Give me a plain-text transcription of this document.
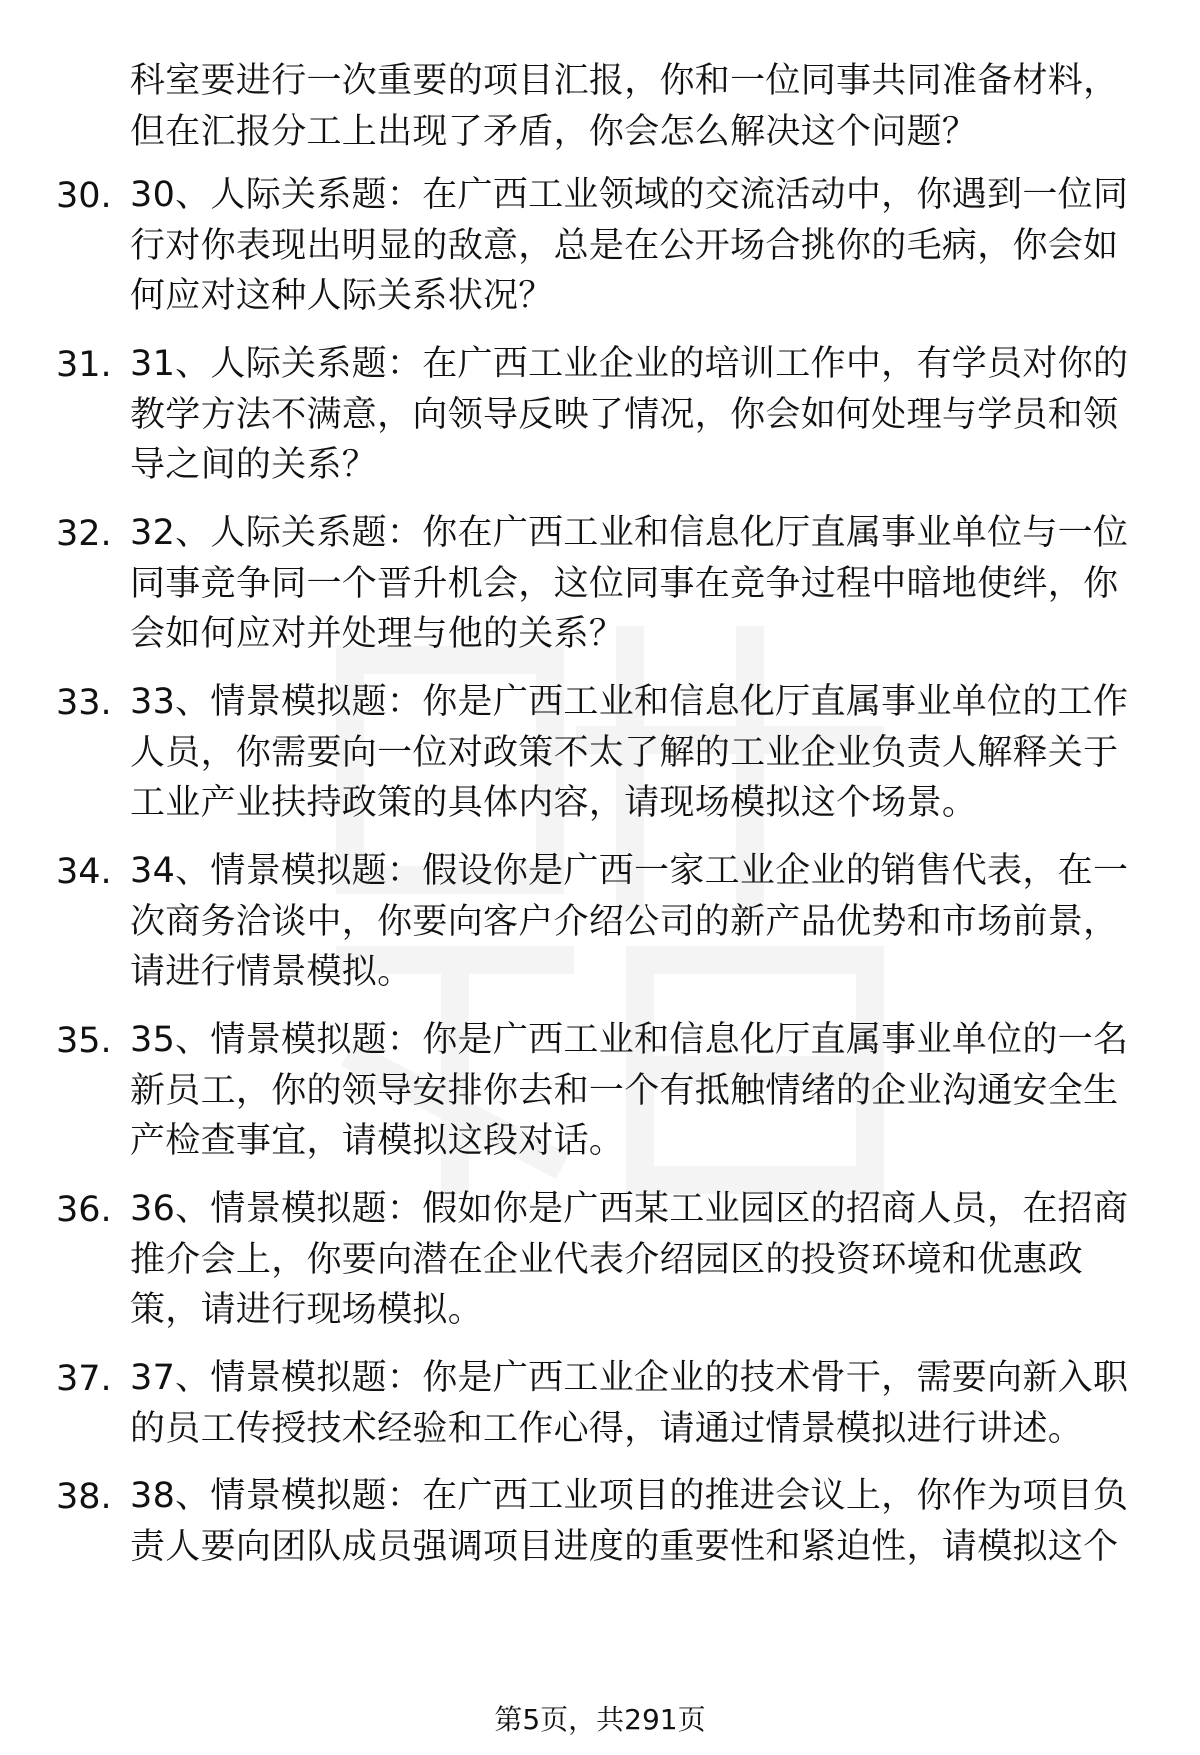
科室要进行一次重要的项目汇报，你和一位同事共同准备材料，但在汇报分工上出现了矛盾，你会怎么解决这个问题？
30. 30、人际关系题：在广西工业领域的交流活动中，你遇到一位同行对你表现出明显的敌意，总是在公开场合挑你的毛病，你会如何应对这种人际关系状况？
31. 31、人际关系题：在广西工业企业的培训工作中，有学员对你的教学方法不满意，向领导反映了情况，你会如何处理与学员和领导之间的关系？
32. 32、人际关系题：你在广西工业和信息化厅直属事业单位与一位同事竞争同一个晋升机会，这位同事在竞争过程中暗地使绊，你会如何应对并处理与他的关系？
33. 33、情景模拟题：你是广西工业和信息化厅直属事业单位的工作人员，你需要向一位对政策不太了解的工业企业负责人解释关于工业产业扶持政策的具体内容，请现场模拟这个场景。
34. 34、情景模拟题：假设你是广西一家工业企业的销售代表，在一次商务洽谈中，你要向客户介绍公司的新产品优势和市场前景，请进行情景模拟。
35. 35、情景模拟题：你是广西工业和信息化厅直属事业单位的一名新员工，你的领导安排你去和一个有抵触情绪的企业沟通安全生产检查事宜，请模拟这段对话。
36. 36、情景模拟题：假如你是广西某工业园区的招商人员，在招商推介会上，你要向潜在企业代表介绍园区的投资环境和优惠政策，请进行现场模拟。
37. 37、情景模拟题：你是广西工业企业的技术骨干，需要向新入职的员工传授技术经验和工作心得，请通过情景模拟进行讲述。
38. 38、情景模拟题：在广西工业项目的推进会议上，你作为项目负责人要向团队成员强调项目进度的重要性和紧迫性，请模拟这个
第5页，共291页
